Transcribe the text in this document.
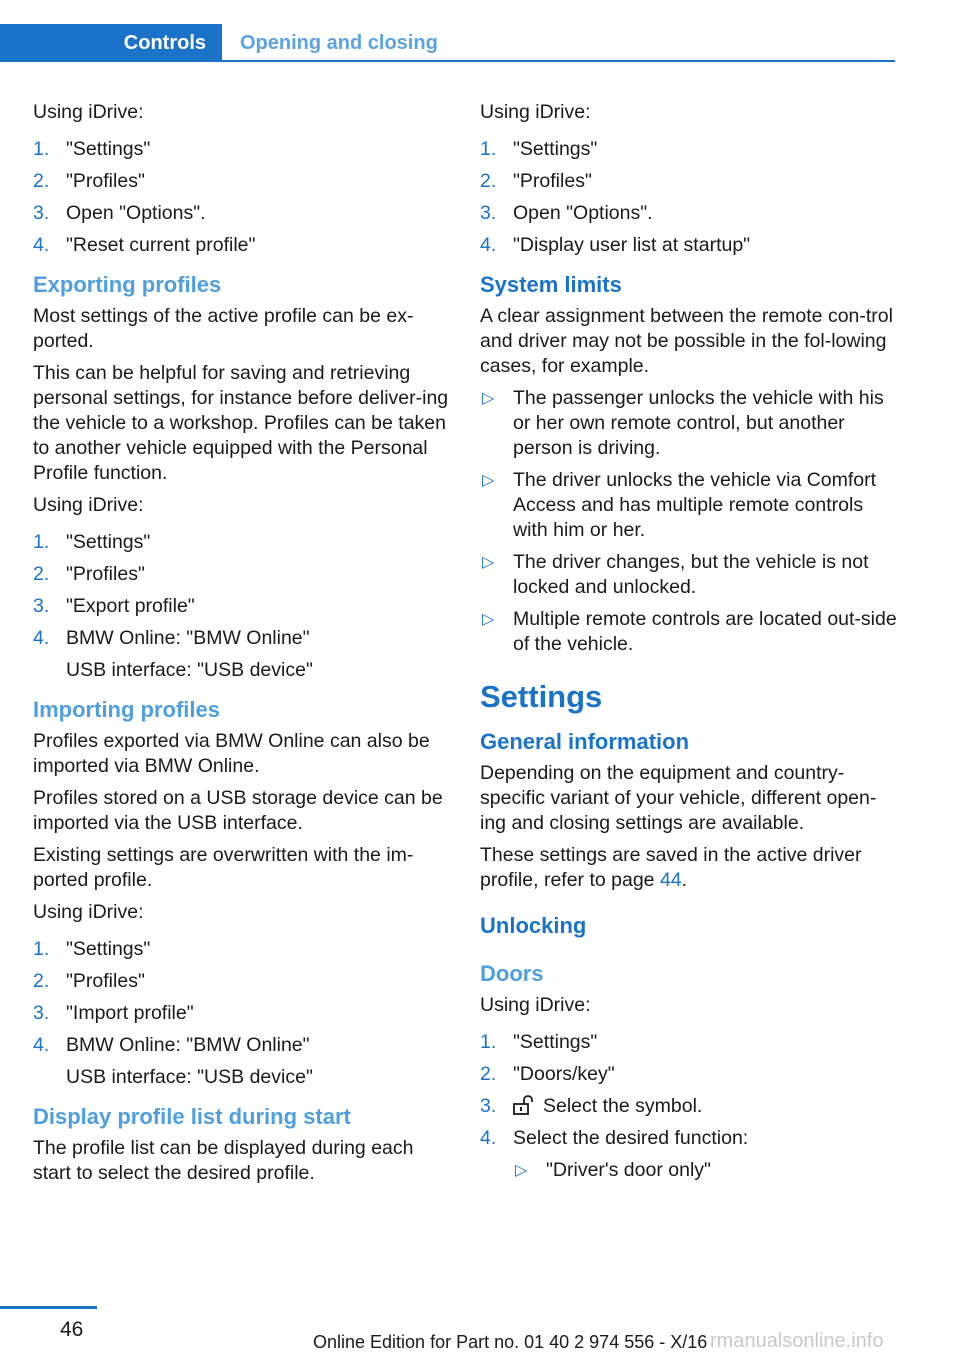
Controls	Opening and closing

Using iDrive:

1. "Settings"
2. "Profiles"
3. Open "Options".
4. "Reset current profile"
Exporting profiles

Most settings of the active profile can be ex‐ported.

This can be helpful for saving and retrieving personal settings, for instance before deliver‐ing the vehicle to a workshop. Profiles can be taken to another vehicle equipped with the Personal Profile function.

Using iDrive:

1. "Settings"
2. "Profiles"
3. "Export profile"
4. BMW Online: "BMW Online"
USB interface: "USB device"
Importing profiles

Profiles exported via BMW Online can also be imported via BMW Online.

Profiles stored on a USB storage device can be imported via the USB interface.

Existing settings are overwritten with the im‐ported profile.

Using iDrive:

1. "Settings"
2. "Profiles"
3. "Import profile"
4. BMW Online: "BMW Online"
USB interface: "USB device"
Display profile list during start

The profile list can be displayed during each start to select the desired profile.

Using iDrive:

1. "Settings"
2. "Profiles"
3. Open "Options".
4. "Display user list at startup"
System limits

A clear assignment between the remote con‐trol and driver may not be possible in the fol‐lowing cases, for example.

▷ The passenger unlocks the vehicle with his or her own remote control, but another person is driving.
▷ The driver unlocks the vehicle via Comfort Access and has multiple remote controls with him or her.
▷ The driver changes, but the vehicle is not locked and unlocked.
▷ Multiple remote controls are located out‐side of the vehicle.
Settings
General information

Depending on the equipment and country-specific variant of your vehicle, different open‐ing and closing settings are available.

These settings are saved in the active driver profile, refer to page 44.

Unlocking
Doors

Using iDrive:

1. "Settings"
2. "Doors/key"
3. Select the symbol.
4. Select the desired function:
▷ "Driver's door only"
46
Online Edition for Part no. 01 40 2 974 556 - X/16 rmanualsonline.info
